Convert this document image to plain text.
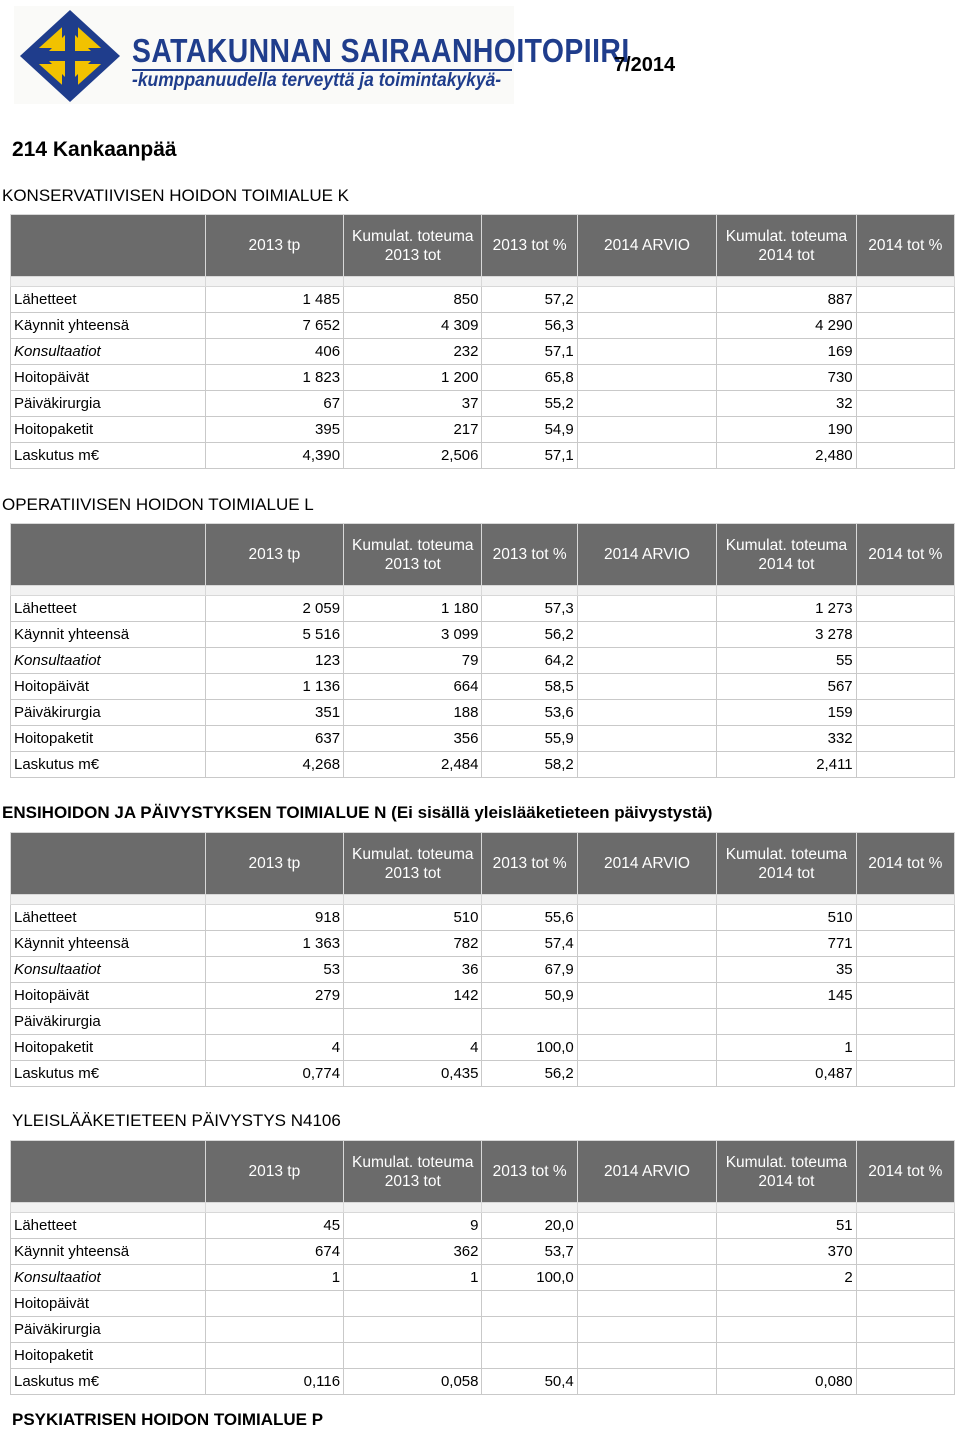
SATAKUNNAN SAIRAANHOITOPIIRI
-kumppanuudella terveyttä ja toimintakykyä-
7/2014
214 Kankaanpää
KONSERVATIIVISEN HOIDON TOIMIALUE K
	2013 tp	Kumulat. toteuma 2013 tot	2013 tot %	2014 ARVIO	Kumulat. toteuma 2014 tot	2014 tot %

Lähetteet	1 485	850	57,2		887	
Käynnit yhteensä	7 652	4 309	56,3		4 290	
Konsultaatiot	406	232	57,1		169	
Hoitopäivät	1 823	1 200	65,8		730	
Päiväkirurgia	67	37	55,2		32	
Hoitopaketit	395	217	54,9		190	
Laskutus m€	4,390	2,506	57,1		2,480	
OPERATIIVISEN HOIDON TOIMIALUE L
	2013 tp	Kumulat. toteuma 2013 tot	2013 tot %	2014 ARVIO	Kumulat. toteuma 2014 tot	2014 tot %

Lähetteet	2 059	1 180	57,3		1 273	
Käynnit yhteensä	5 516	3 099	56,2		3 278	
Konsultaatiot	123	79	64,2		55	
Hoitopäivät	1 136	664	58,5		567	
Päiväkirurgia	351	188	53,6		159	
Hoitopaketit	637	356	55,9		332	
Laskutus m€	4,268	2,484	58,2		2,411	
ENSIHOIDON JA PÄIVYSTYKSEN TOIMIALUE N (Ei sisällä yleislääketieteen päivystystä)
	2013 tp	Kumulat. toteuma 2013 tot	2013 tot %	2014 ARVIO	Kumulat. toteuma 2014 tot	2014 tot %

Lähetteet	918	510	55,6		510	
Käynnit yhteensä	1 363	782	57,4		771	
Konsultaatiot	53	36	67,9		35	
Hoitopäivät	279	142	50,9		145	
Päiväkirurgia						
Hoitopaketit	4	4	100,0		1	
Laskutus m€	0,774	0,435	56,2		0,487	
YLEISLÄÄKETIETEEN PÄIVYSTYS N4106
	2013 tp	Kumulat. toteuma 2013 tot	2013 tot %	2014 ARVIO	Kumulat. toteuma 2014 tot	2014 tot %

Lähetteet	45	9	20,0		51	
Käynnit yhteensä	674	362	53,7		370	
Konsultaatiot	1	1	100,0		2	
Hoitopäivät						
Päiväkirurgia						
Hoitopaketit						
Laskutus m€	0,116	0,058	50,4		0,080	
PSYKIATRISEN HOIDON TOIMIALUE P
